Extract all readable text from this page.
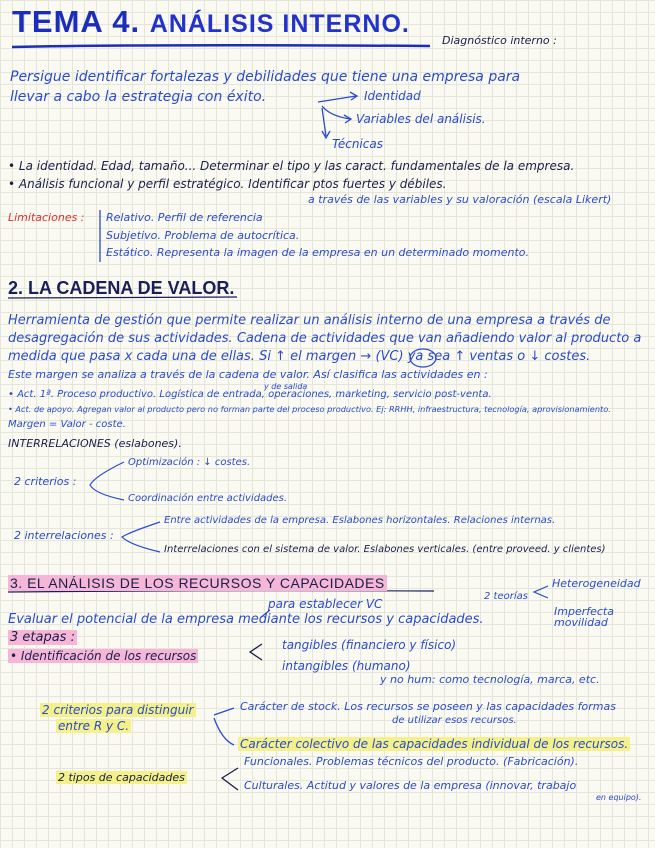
TEMA 4. ANÁLISIS INTERNO.
Diagnóstico interno :
Persigue identificar fortalezas y debilidades que tiene una empresa para
llevar a cabo la estrategia con éxito.	Identidad
Variables del análisis.
Técnicas
• La identidad. Edad, tamaño... Determinar el tipo y las caract. fundamentales de la empresa.
• Análisis funcional y perfil estratégico. Identificar ptos fuertes y débiles.
a través de las variables y su valoración (escala Likert)
Limitaciones : Relativo. Perfil de referencia
Subjetivo. Problema de autocrítica.
Estático. Representa la imagen de la empresa en un determinado momento.
2. LA CADENA DE VALOR.
Herramienta de gestión que permite realizar un análisis interno de una empresa a través de
desagregación de sus actividades. Cadena de actividades que van añadiendo valor al producto a
medida que pasa x cada una de ellas. Si ↑ el margen → (VC) ya sea ↑ ventas o ↓ costes.
Este margen se analiza a través de la cadena de valor. Así clasifica las actividades en :
y de salida
• Act. 1ª. Proceso productivo. Logística de entrada, operaciones, marketing, servicio post-venta.
• Act. de apoyo. Agregan valor al producto pero no forman parte del proceso productivo. Ej: RRHH, infraestructura, tecnología, aprovisionamiento.
Margen = Valor - coste.
INTERRELACIONES (eslabones).
Optimización : ↓ costes.
2 criterios :
Coordinación entre actividades.
Entre actividades de la empresa. Eslabones horizontales. Relaciones internas.
2 interrelaciones :
Interrelaciones con el sistema de valor. Eslabones verticales. (entre proveed. y clientes)
3. EL ANÁLISIS DE LOS RECURSOS Y CAPACIDADES
2 teorías
Heterogeneidad
Imperfecta movilidad
para establecer VC
Evaluar el potencial de la empresa mediante los recursos y capacidades.
3 etapas :
• Identificación de los recursos
tangibles (financiero y físico)
intangibles (humano)
y no hum: como tecnología, marca, etc.
2 criterios para distinguir
entre R y C.
Carácter de stock. Los recursos se poseen y las capacidades formas
de utilizar esos recursos.
Carácter colectivo de las capacidades individual de los recursos.
2 tipos de capacidades
Funcionales. Problemas técnicos del producto. (Fabricación).
Culturales. Actitud y valores de la empresa (innovar, trabajo
en equipo).
